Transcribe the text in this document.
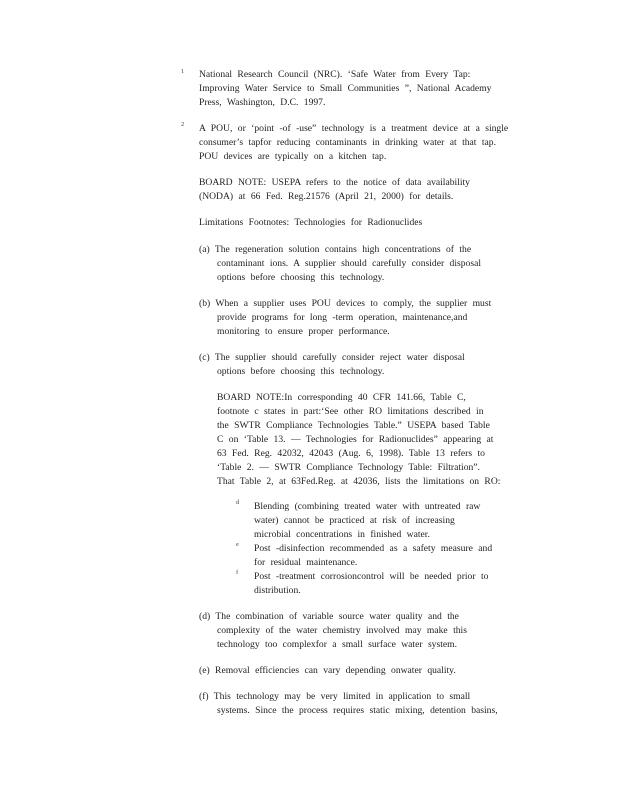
1 National Research Council (NRC). ‘Safe Water from Every Tap:
Improving Water Service to Small Communities ”, National Academy
Press, Washington, D.C. 1997.
2 A POU, or ‘point -of -use” technology is a treatment device at a single
consumer’s tapfor reducing contaminants in drinking water at that tap.
POU devices are typically on a kitchen tap.
BOARD NOTE: USEPA refers to the notice of data availability
(NODA) at 66 Fed. Reg.21576 (April 21, 2000) for details.
Limitations Footnotes: Technologies for Radionuclides
(a) The regeneration solution contains high concentrations of the
contaminant ions. A supplier should carefully consider disposal
options before choosing this technology.
(b) When a supplier uses POU devices to comply, the supplier must
provide programs for long -term operation, maintenance,and
monitoring to ensure proper performance.
(c) The supplier should carefully consider reject water disposal
options before choosing this technology.
BOARD NOTE:In corresponding 40 CFR 141.66, Table C,
footnote c states in part:‘See other RO limitations described in
the SWTR Compliance Technologies Table.” USEPA based Table
C on ‘Table 13. — Technologies for Radionuclides” appearing at
63 Fed. Reg. 42032, 42043 (Aug. 6, 1998). Table 13 refers to
‘Table 2. — SWTR Compliance Technology Table: Filtration”.
That Table 2, at 63Fed.Reg. at 42036, lists the limitations on RO:
d Blending (combining treated water with untreated raw
water) cannot be practiced at risk of increasing
microbial concentrations in finished water.
e Post -disinfection recommended as a safety measure and
for residual maintenance.
f Post -treatment corrosioncontrol will be needed prior to
distribution.
(d) The combination of variable source water quality and the
complexity of the water chemistry involved may make this
technology too complexfor a small surface water system.
(e) Removal efficiencies can vary depending onwater quality.
(f) This technology may be very limited in application to small
systems. Since the process requires static mixing, detention basins,
